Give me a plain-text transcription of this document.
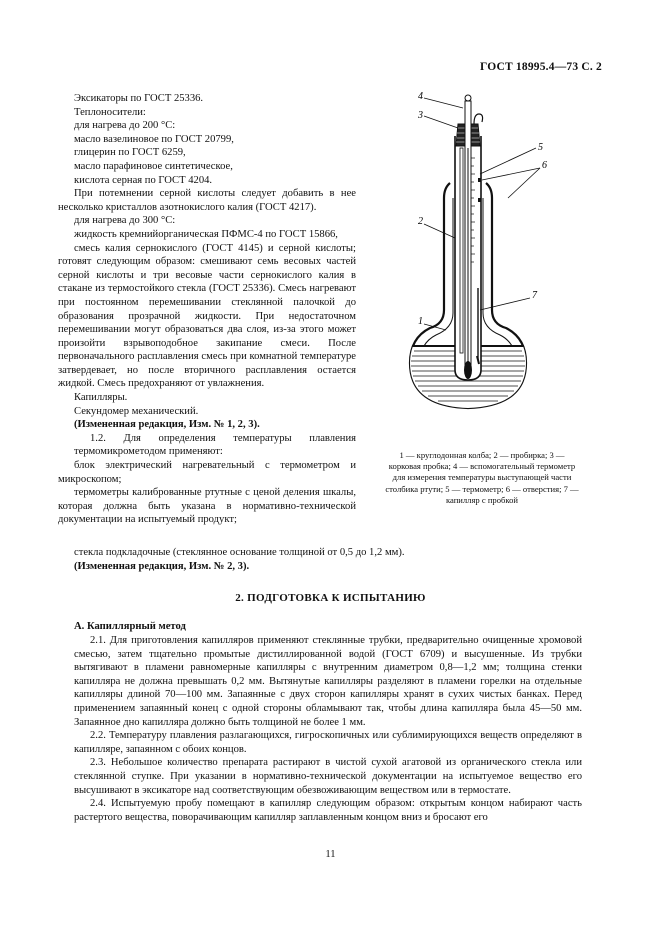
ГОСТ 18995.4—73 С. 2

Эксикаторы по ГОСТ 25336.

Теплоносители:

для нагрева до 200 °С:

масло вазелиновое по ГОСТ 20799,

глицерин по ГОСТ 6259,

масло парафиновое синтетическое,

кислота серная по ГОСТ 4204.

При потемнении серной кислоты следует добавить в нее несколько кристаллов азотнокислого калия (ГОСТ 4217).

для нагрева до 300 °С:

жидкость кремнийорганическая ПФМС-4 по ГОСТ 15866,

смесь калия сернокислого (ГОСТ 4145) и серной кислоты; готовят следующим образом: смешивают семь весовых частей серной кислоты и три весовые части сернокислого калия в стакане из термостойкого стекла (ГОСТ 25336). Смесь нагревают при постоянном перемешивании стеклянной палочкой до образования прозрачной жидкости. При недостаточном перемешивании могут образоваться два слоя, из-за этого может произойти взрывоподобное закипание смеси. После первоначального расплавления смесь при комнатной температуре затвердевает, но после вторичного расплавления остается жидкой. Смесь предохраняют от увлажнения.

Капилляры.

Секундомер механический.

(Измененная редакция, Изм. № 1, 2, 3).

1.2. Для определения температуры плавления термомикрометодом применяют:

блок электрический нагревательный с термометром и микроскопом;

термометры калиброванные ртутные с ценой деления шкалы, которая должна быть указана в нормативно-технической документации на испытуемый продукт;

4
3
5
6
2
7
1
1 — круглодонная колба; 2 — пробирка; 3 — корковая пробка; 4 — вспомогательный термометр для измерения температуры выступающей части столбика ртути; 5 — термометр; 6 — отверстия; 7 — капилляр с пробкой

стекла подкладочные (стеклянное основание толщиной от 0,5 до 1,2 мм).

(Измененная редакция, Изм. № 2, 3).

2. ПОДГОТОВКА К ИСПЫТАНИЮ
А. Капиллярный метод

2.1. Для приготовления капилляров применяют стеклянные трубки, предварительно очищенные хромовой смесью, затем тщательно промытые дистиллированной водой (ГОСТ 6709) и высушенные. Из трубки вытягивают в пламени равномерные капилляры с внутренним диаметром 0,8—1,2 мм; толщина стенки капилляра не должна превышать 0,2 мм. Вытянутые капилляры разделяют в пламени горелки на отдельные капилляры длиной 70—100 мм. Запаянные с двух сторон капилляры хранят в сухих чистых банках. Перед применением запаянный конец с одной стороны обламывают так, чтобы длина капилляра была 45—50 мм. Запаянное дно капилляра должно быть толщиной не более 1 мм.

2.2. Температуру плавления разлагающихся, гигроскопичных или сублимирующихся веществ определяют в капилляре, запаянном с обоих концов.

2.3. Небольшое количество препарата растирают в чистой сухой агатовой из органического стекла или стеклянной ступке. При указании в нормативно-технической документации на испытуемое вещество его высушивают в эксикаторе над соответствующим обезвоживающим веществом или в термостате.

2.4. Испытуемую пробу помещают в капилляр следующим образом: открытым концом набирают часть растертого вещества, поворачивающим капилляр заплавленным концом вниз и бросают его

11
